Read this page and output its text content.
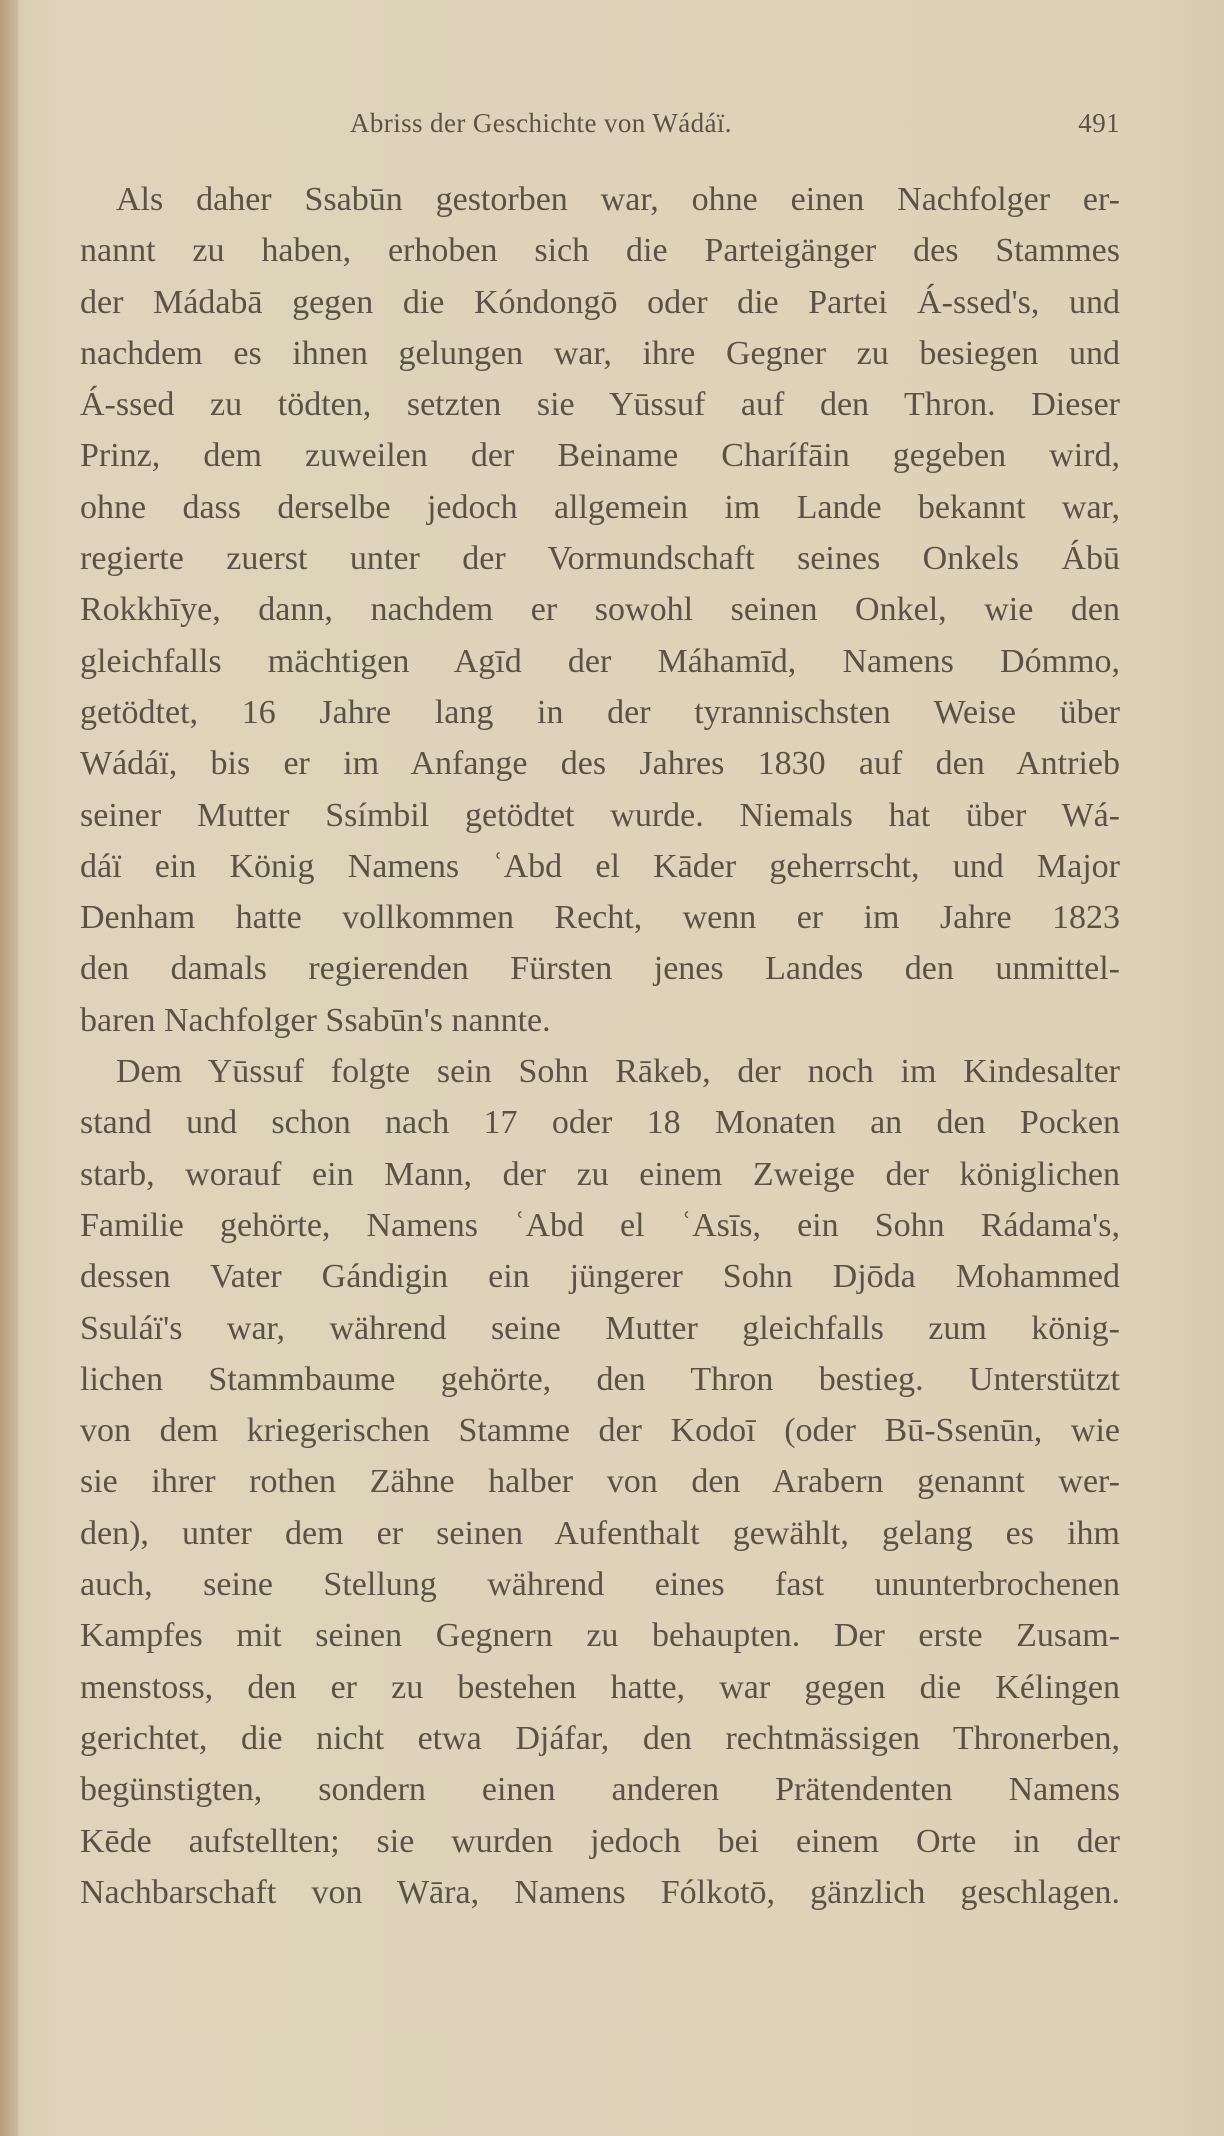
Abriss der Geschichte von Wádáï.	491
Als daher Ssabūn gestorben war, ohne einen Nachfolger er-
nannt zu haben, erhoben sich die Parteigänger des Stammes
der Mádabā gegen die Kóndongō oder die Partei Á-ssed's, und
nachdem es ihnen gelungen war, ihre Gegner zu besiegen und
Á-ssed zu tödten, setzten sie Yūssuf auf den Thron. Dieser
Prinz, dem zuweilen der Beiname Charífāin gegeben wird,
ohne dass derselbe jedoch allgemein im Lande bekannt war,
regierte zuerst unter der Vormundschaft seines Onkels Ábū
Rokkhīye, dann, nachdem er sowohl seinen Onkel, wie den
gleichfalls mächtigen Agīd der Máhamīd, Namens Dómmo,
getödtet, 16 Jahre lang in der tyrannischsten Weise über
Wádáï, bis er im Anfange des Jahres 1830 auf den Antrieb
seiner Mutter Ssímbil getödtet wurde. Niemals hat über Wá-
dáï ein König Namens ʿAbd el Kāder geherrscht, und Major
Denham hatte vollkommen Recht, wenn er im Jahre 1823
den damals regierenden Fürsten jenes Landes den unmittel-
baren Nachfolger Ssabūn's nannte.
Dem Yūssuf folgte sein Sohn Rākeb, der noch im Kindesalter
stand und schon nach 17 oder 18 Monaten an den Pocken
starb, worauf ein Mann, der zu einem Zweige der königlichen
Familie gehörte, Namens ʿAbd el ʿAsīs, ein Sohn Rádama's,
dessen Vater Gándigin ein jüngerer Sohn Djōda Mohammed
Ssuláï's war, während seine Mutter gleichfalls zum könig-
lichen Stammbaume gehörte, den Thron bestieg. Unterstützt
von dem kriegerischen Stamme der Kodoī (oder Bū-Ssenūn, wie
sie ihrer rothen Zähne halber von den Arabern genannt wer-
den), unter dem er seinen Aufenthalt gewählt, gelang es ihm
auch, seine Stellung während eines fast ununterbrochenen
Kampfes mit seinen Gegnern zu behaupten. Der erste Zusam-
menstoss, den er zu bestehen hatte, war gegen die Kélingen
gerichtet, die nicht etwa Djáfar, den rechtmässigen Thronerben,
begünstigten, sondern einen anderen Prätendenten Namens
Kēde aufstellten; sie wurden jedoch bei einem Orte in der
Nachbarschaft von Wāra, Namens Fólkotō, gänzlich geschlagen.
